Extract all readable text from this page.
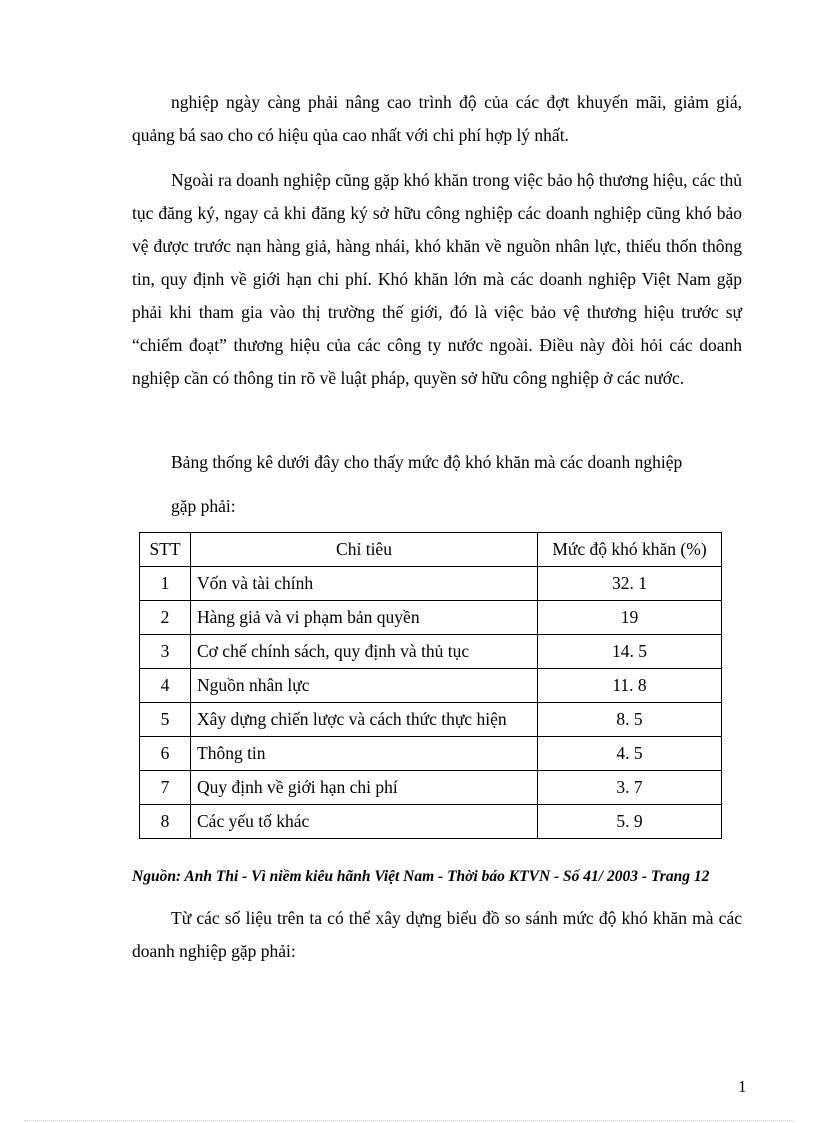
nghiệp ngày càng phải nâng cao trình độ của các đợt khuyến mãi, giảm giá, quảng bá sao cho có hiệu qủa cao nhất với chi phí hợp lý nhất.

Ngoài ra doanh nghiệp cũng gặp khó khăn trong việc bảo hộ thương hiệu, các thủ tục đăng ký, ngay cả khi đăng ký sở hữu công nghiệp các doanh nghiệp cũng khó bảo vệ được trước nạn hàng giả, hàng nhái, khó khăn về nguồn nhân lực, thiếu thốn thông tin, quy định về giới hạn chi phí. Khó khăn lớn mà các doanh nghiệp Việt Nam gặp phải khi tham gia vào thị trường thế giới, đó là việc bảo vệ thương hiệu trước sự “chiếm đoạt” thương hiệu của các công ty nước ngoài. Điều này đòi hỏi các doanh nghiệp cần có thông tin rõ về luật pháp, quyền sở hữu công nghiệp ở các nước.

Bảng thống kê dưới đây cho thấy mức độ khó khăn mà các doanh nghiệp

gặp phải:

STT	Chỉ tiêu	Mức độ khó khăn (%)
1	Vốn và tài chính	32. 1
2	Hàng giả và vi phạm bản quyền	19
3	Cơ chế chính sách, quy định và thủ tục	14. 5
4	Nguồn nhân lực	11. 8
5	Xây dựng chiến lược và cách thức thực hiện	8. 5
6	Thông tin	4. 5
7	Quy định về giới hạn chi phí	3. 7
8	Các yếu tố khác	5. 9
Nguồn: Anh Thi - Vì niềm kiêu hãnh Việt Nam - Thời báo KTVN - Số 41/ 2003 - Trang 12

Từ các số liệu trên ta có thể xây dựng biểu đồ so sánh mức độ khó khăn mà các doanh nghiệp gặp phải:

1
